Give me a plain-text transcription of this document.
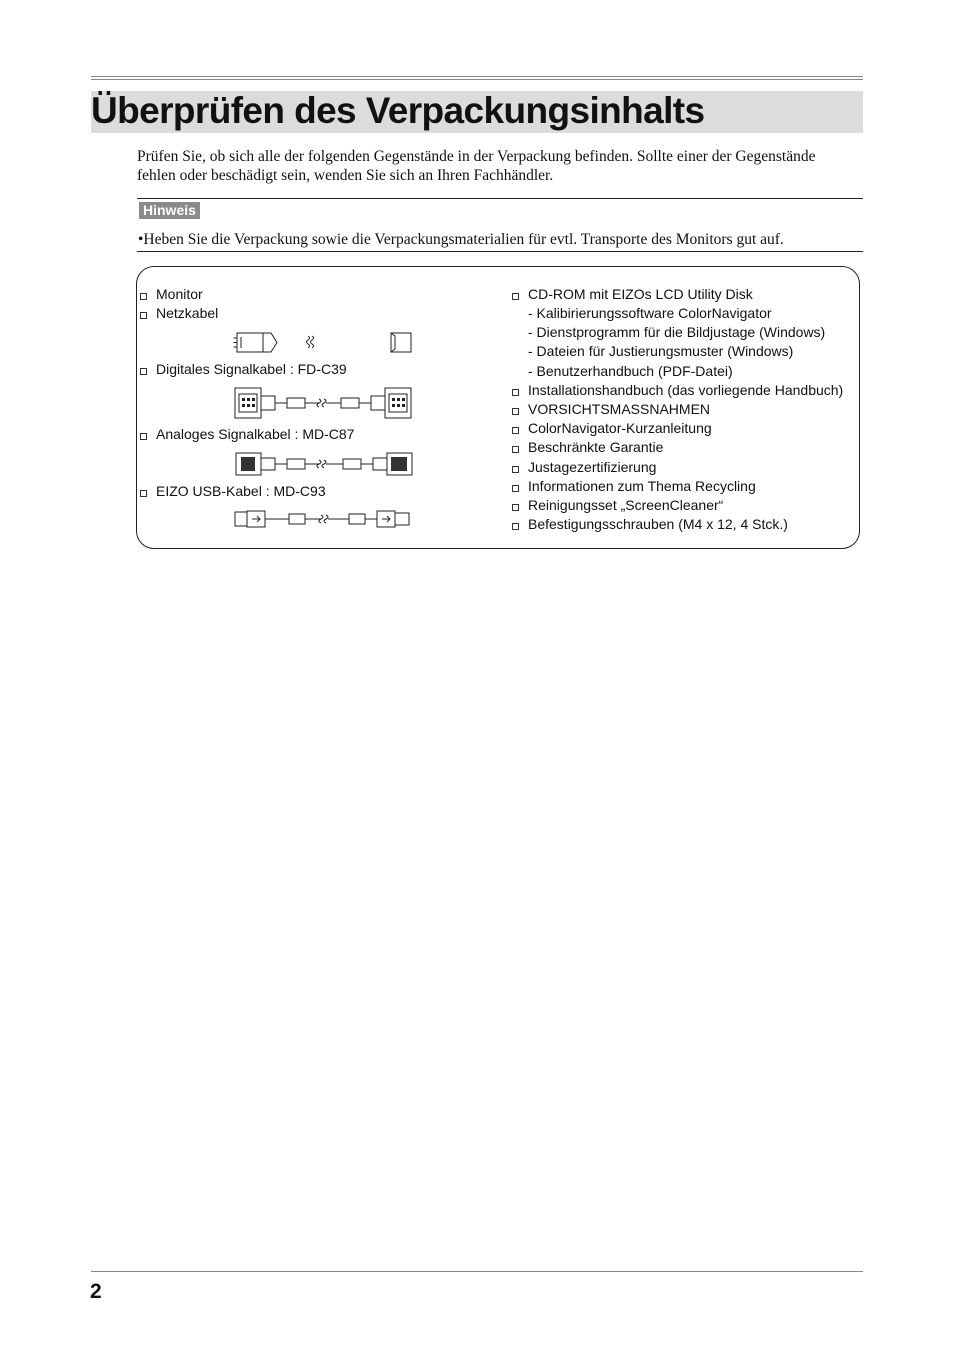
Überprüfen des Verpackungsinhalts

Prüfen Sie, ob sich alle der folgenden Gegenstände in der Verpackung befinden. Sollte einer der Gegenstände fehlen oder beschädigt sein, wenden Sie sich an Ihren Fachhändler.

Hinweis

•Heben Sie die Verpackung sowie die Verpackungsmaterialien für evtl. Transporte des Monitors gut auf.

Monitor
Netzkabel
Digitales Signalkabel : FD-C39
Analoges Signalkabel : MD-C87
EIZO USB-Kabel : MD-C93
CD-ROM mit EIZOs LCD Utility Disk
- Kalibirierungssoftware ColorNavigator
- Dienstprogramm für die Bildjustage (Windows)
- Dateien für Justierungsmuster (Windows)
- Benutzerhandbuch (PDF-Datei)
Installationshandbuch (das vorliegende Handbuch)
VORSICHTSMASSNAHMEN
ColorNavigator-Kurzanleitung
Beschränkte Garantie
Justagezertifizierung
Informationen zum Thema Recycling
Reinigungsset „ScreenCleaner“
Befestigungsschrauben (M4 x 12, 4 Stck.)
2
